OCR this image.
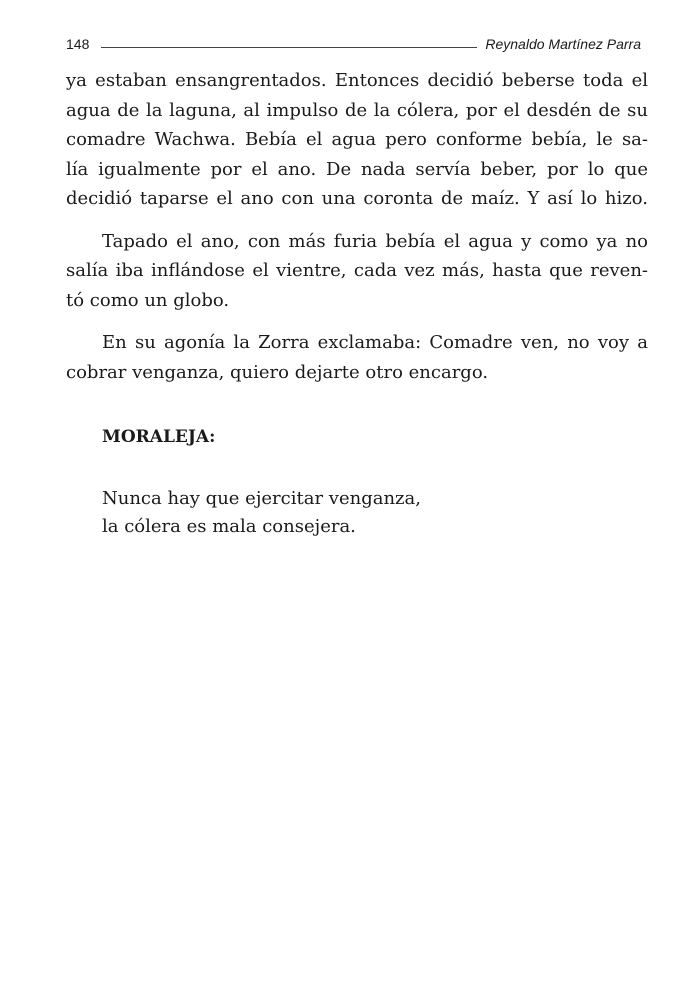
148	Reynaldo Martínez Parra

ya estaban ensangrentados. Entonces decidió beberse toda el
agua de la laguna, al impulso de la cólera, por el desdén de su
comadre Wachwa. Bebía el agua pero conforme bebía, le sa-
lía igualmente por el ano. De nada servía beber, por lo que
decidió taparse el ano con una coronta de maíz. Y así lo hizo.

Tapado el ano, con más furia bebía el agua y como ya no
salía iba inflándose el vientre, cada vez más, hasta que reven-
tó como un globo.

En su agonía la Zorra exclamaba: Comadre ven, no voy a
cobrar venganza, quiero dejarte otro encargo.

MORALEJA:
Nunca hay que ejercitar venganza,
la cólera es mala consejera.
